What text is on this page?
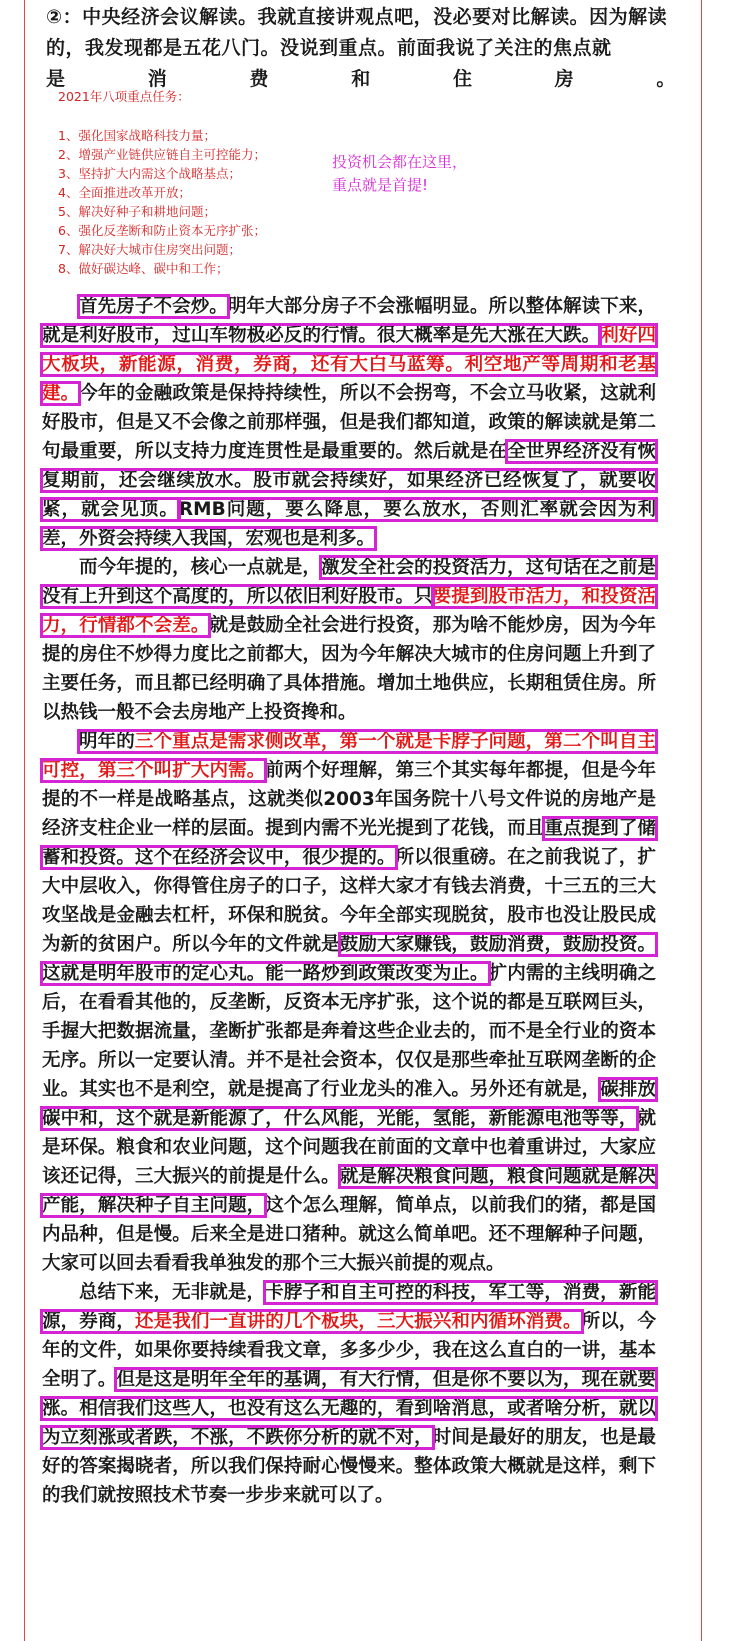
②：中央经济会议解读。我就直接讲观点吧，没必要对比解读。因为解读的，我发现都是五花八门。没说到重点。前面我说了关注的焦点就
是	消	费	和	住	房	。
2021年八项重点任务：
1、强化国家战略科技力量；
2、增强产业链供应链自主可控能力；
3、坚持扩大内需这个战略基点；
4、全面推进改革开放；
5、解决好种子和耕地问题；
6、强化反垄断和防止资本无序扩张；
7、解决好大城市住房突出问题；
8、做好碳达峰、碳中和工作；
投资机会都在这里，
重点就是首提!

首先房子不会炒。明年大部分房子不会涨幅明显。所以整体解读下来，就是利好股市，过山车物极必反的行情。很大概率是先大涨在大跌。利好四大板块，新能源，消费，券商，还有大白马蓝筹。利空地产等周期和老基建。今年的金融政策是保持持续性，所以不会拐弯，不会立马收紧，这就利好股市，但是又不会像之前那样强，但是我们都知道，政策的解读就是第二句最重要，所以支持力度连贯性是最重要的。然后就是在全世界经济没有恢复期前，还会继续放水。股市就会持续好，如果经济已经恢复了，就要收紧，就会见顶。RMB问题，要么降息，要么放水，否则汇率就会因为利差，外资会持续入我国，宏观也是利多。

而今年提的，核心一点就是，激发全社会的投资活力，这句话在之前是没有上升到这个高度的，所以依旧利好股市。只要提到股市活力，和投资活力，行情都不会差。就是鼓励全社会进行投资，那为啥不能炒房，因为今年提的房住不炒得力度比之前都大，因为今年解决大城市的住房问题上升到了主要任务，而且都已经明确了具体措施。增加土地供应，长期租赁住房。所以热钱一般不会去房地产上投资搀和。

明年的三个重点是需求侧改革，第一个就是卡脖子问题，第二个叫自主可控，第三个叫扩大内需。前两个好理解，第三个其实每年都提，但是今年提的不一样是战略基点，这就类似2003年国务院十八号文件说的房地产是经济支柱企业一样的层面。提到内需不光光提到了花钱，而且重点提到了储蓄和投资。这个在经济会议中，很少提的。所以很重磅。在之前我说了，扩大中层收入，你得管住房子的口子，这样大家才有钱去消费，十三五的三大攻坚战是金融去杠杆，环保和脱贫。今年全部实现脱贫，股市也没让股民成为新的贫困户。所以今年的文件就是鼓励大家赚钱，鼓励消费，鼓励投资。这就是明年股市的定心丸。能一路炒到政策改变为止。扩内需的主线明确之后，在看看其他的，反垄断，反资本无序扩张，这个说的都是互联网巨头，手握大把数据流量，垄断扩张都是奔着这些企业去的，而不是全行业的资本无序。所以一定要认清。并不是社会资本，仅仅是那些牵扯互联网垄断的企业。其实也不是利空，就是提高了行业龙头的准入。另外还有就是，碳排放碳中和，这个就是新能源了，什么风能，光能，氢能，新能源电池等等，就是环保。粮食和农业问题，这个问题我在前面的文章中也着重讲过，大家应该还记得，三大振兴的前提是什么。就是解决粮食问题，粮食问题就是解决产能，解决种子自主问题，这个怎么理解，简单点，以前我们的猪，都是国内品种，但是慢。后来全是进口猪种。就这么简单吧。还不理解种子问题，大家可以回去看看我单独发的那个三大振兴前提的观点。

总结下来，无非就是，卡脖子和自主可控的科技，军工等，消费，新能源，券商，还是我们一直讲的几个板块，三大振兴和内循环消费。所以，今年的文件，如果你要持续看我文章，多多少少，我在这么直白的一讲，基本全明了。但是这是明年全年的基调，有大行情，但是你不要以为，现在就要涨。相信我们这些人，也没有这么无趣的，看到啥消息，或者啥分析，就以为立刻涨或者跌，不涨，不跌你分析的就不对，时间是最好的朋友，也是最好的答案揭晓者，所以我们保持耐心慢慢来。整体政策大概就是这样，剩下的我们就按照技术节奏一步步来就可以了。
